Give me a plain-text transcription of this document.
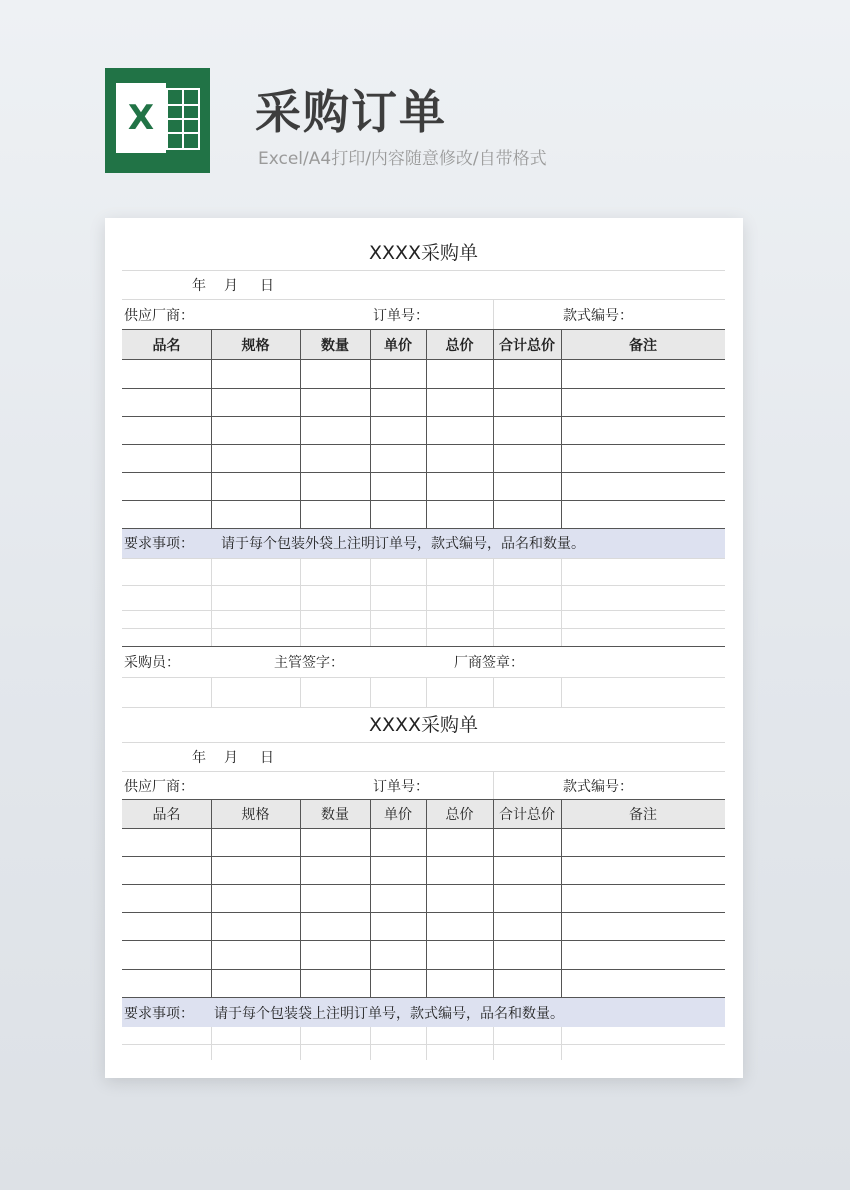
X 采购订单
Excel/A4打印/内容随意修改/自带格式
XXXX采购单
年 月 日
供应厂商：	订单号：	款式编号：
品名	规格	数量	单价	总价	合计总价	备注
要求事项： 请于每个包装外袋上注明订单号，款式编号，品名和数量。
采购员：	主管签字：	厂商签章：
XXXX采购单
年 月 日
供应厂商：	订单号：	款式编号：
品名	规格	数量	单价	总价	合计总价	备注
要求事项： 请于每个包装袋上注明订单号，款式编号，品名和数量。
